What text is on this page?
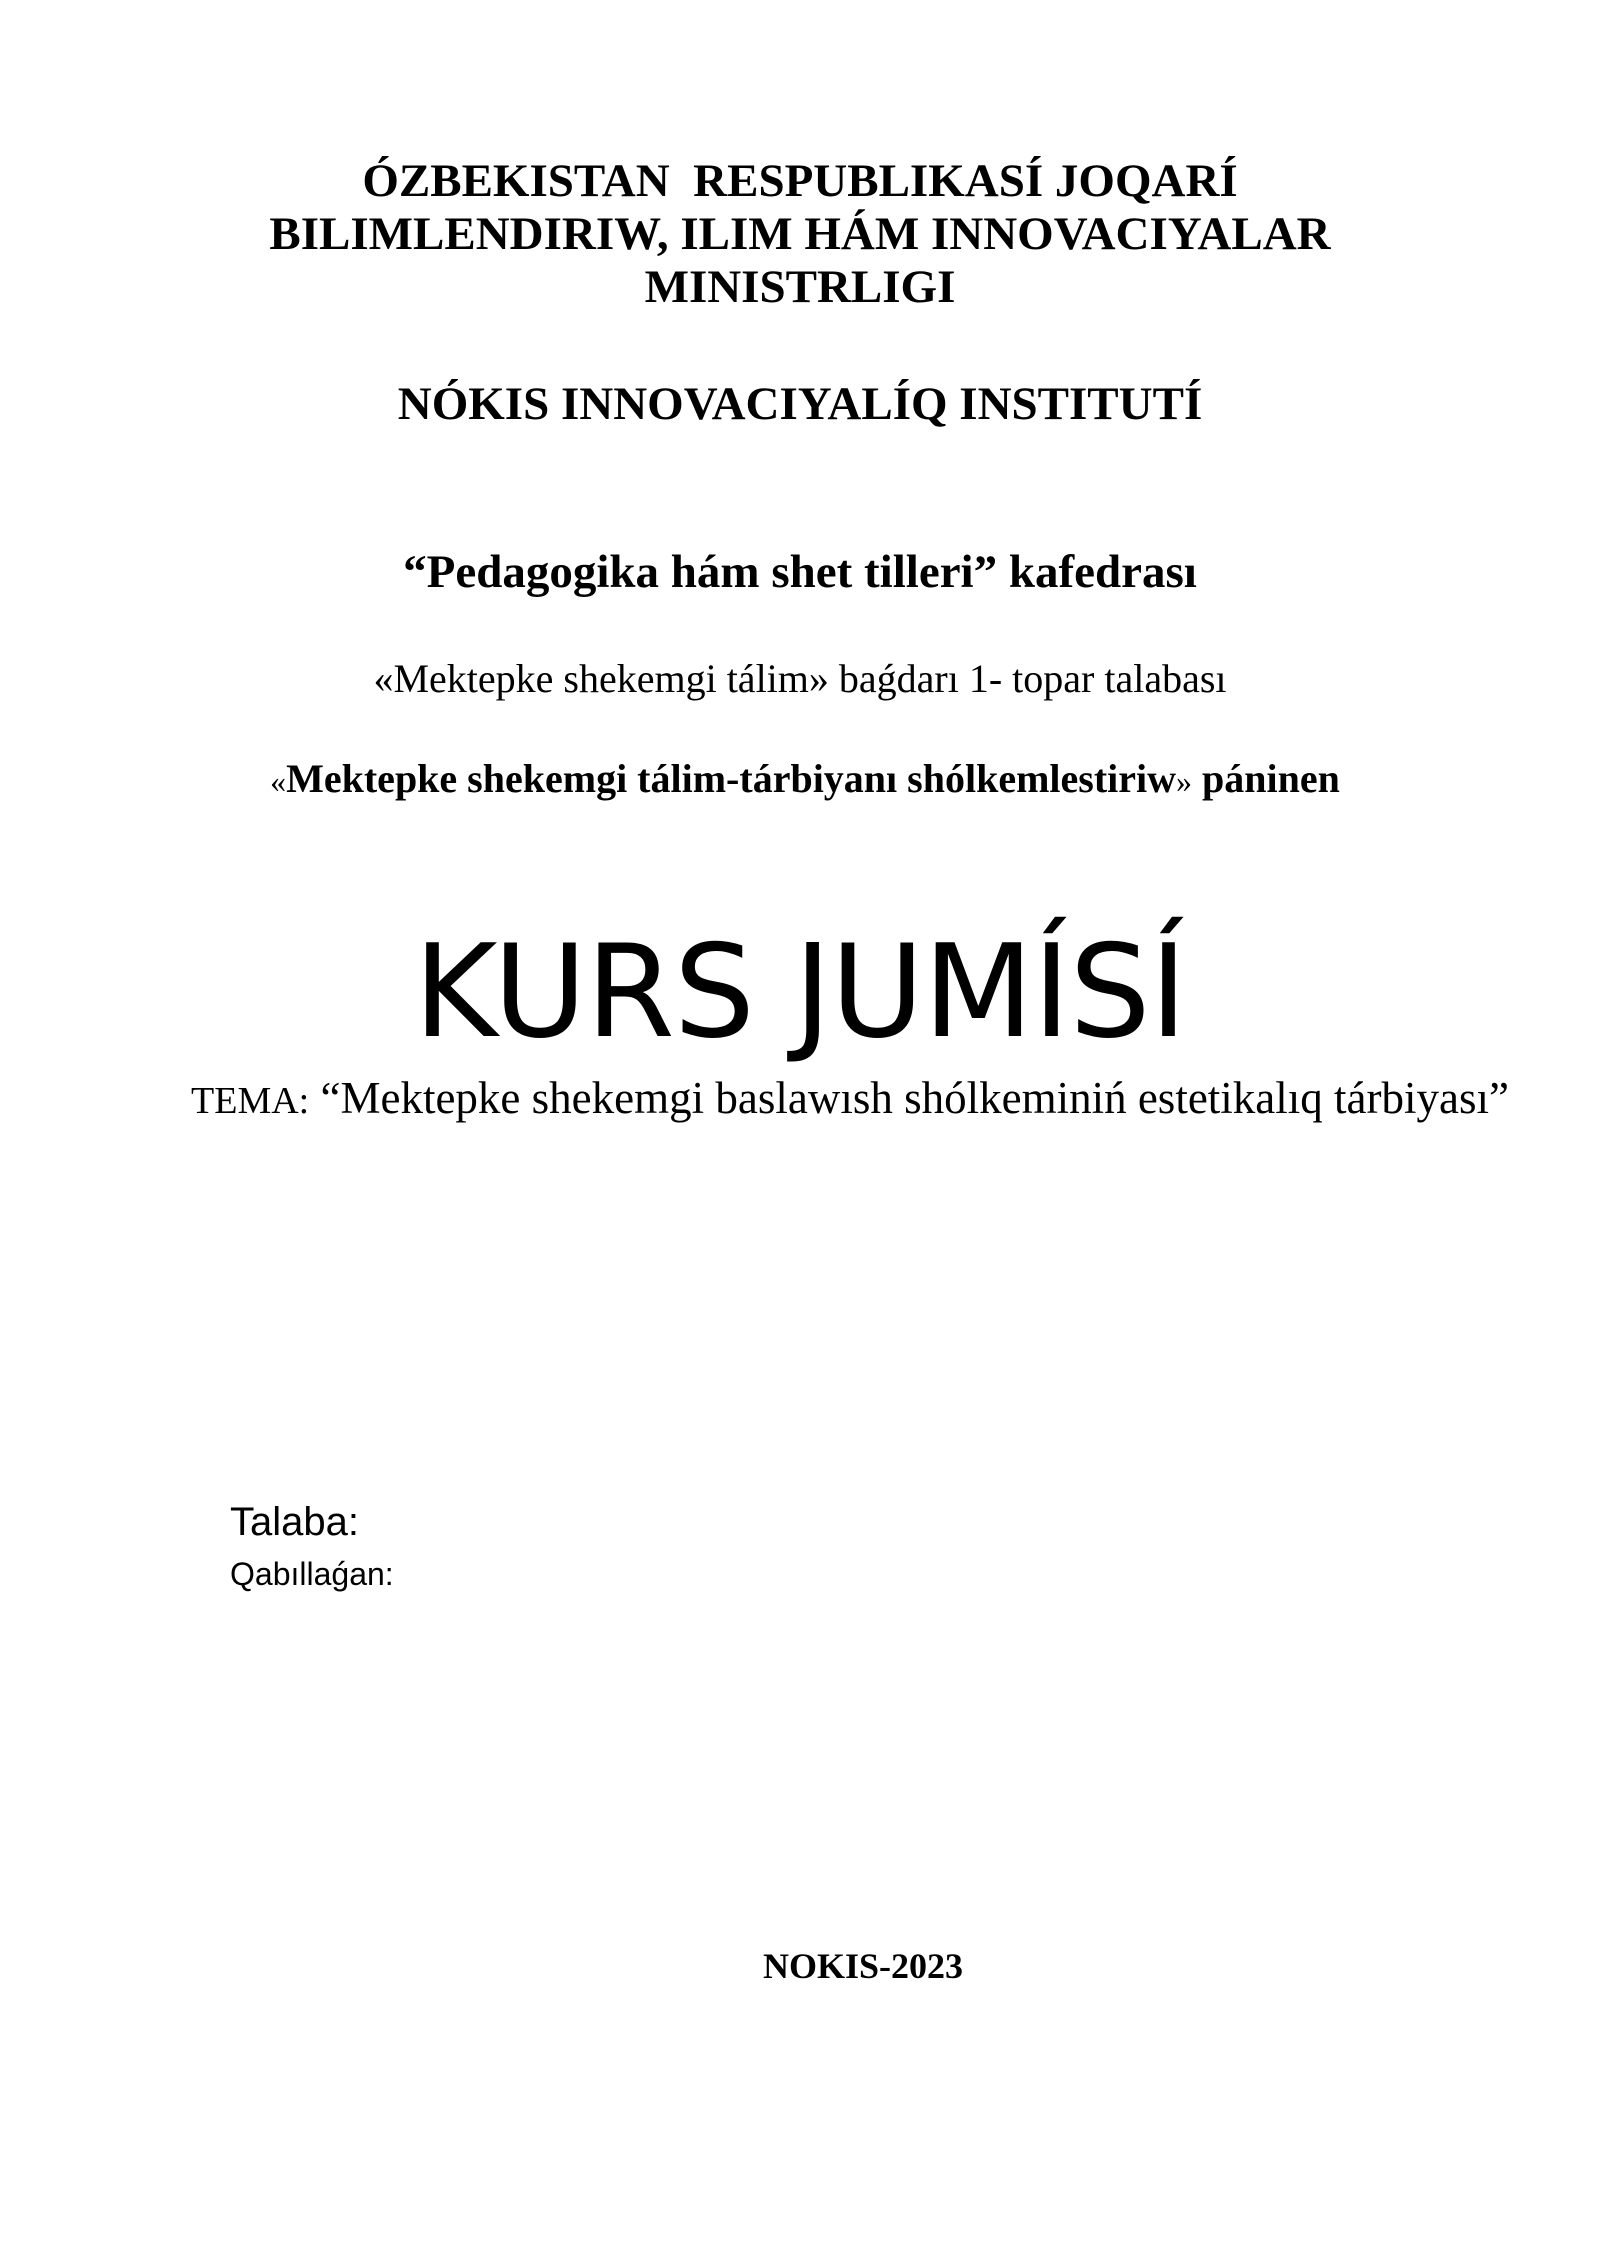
ÓZBEKISTAN  RESPUBLIKASÍ JOQARÍ
BILIMLENDIRIW, ILIM HÁM INNOVACIYALAR
MINISTRLIGI
NÓKIS INNOVACIYALÍQ INSTITUTÍ
“Pedagogika hám shet tilleri” kafedrası
«Mektepke shekemgi tálim» baǵdarı 1- topar talabası
«Mektepke shekemgi tálim-tárbiyanı shólkemlestiriw» páninen
KURS JUMÍSÍ
TEMA: “Mektepke shekemgi baslawısh shólkeminiń estetikalıq tárbiyası”
Talaba:
Qabıllaǵan:
NOKIS-2023
